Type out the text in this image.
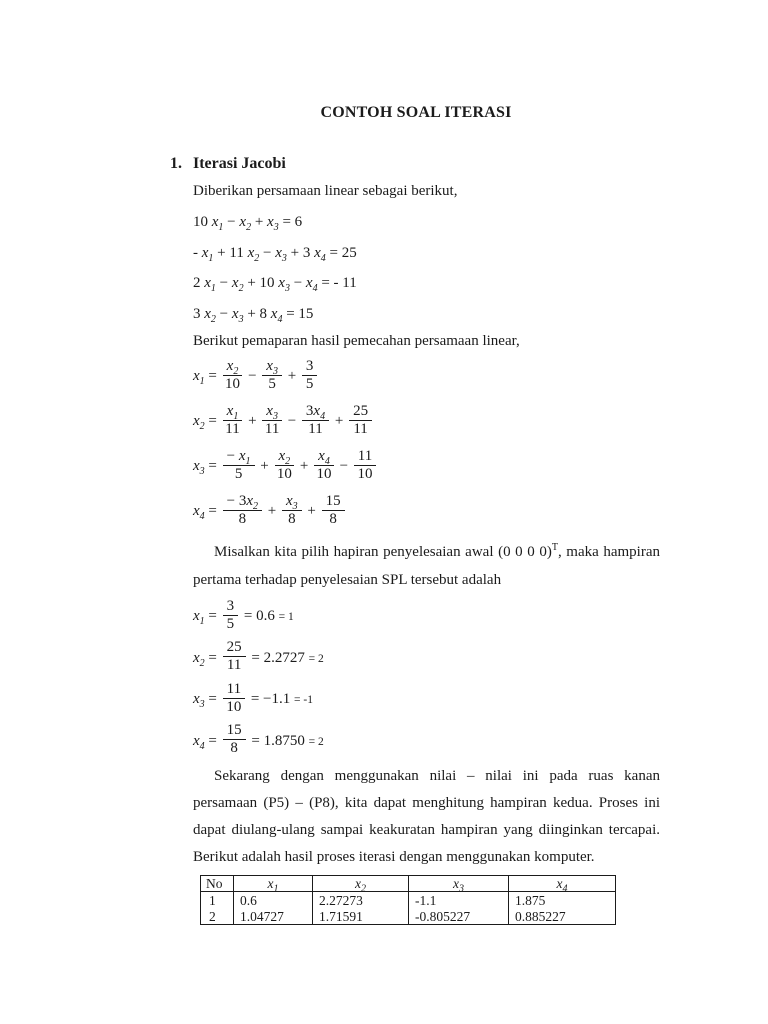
CONTOH SOAL ITERASI
1. Iterasi Jacobi

Diberikan persamaan linear sebagai berikut,

10 $x_1 - x_2 + x_3 = 6$
- $x_1 + 11$ $x_2 - x_3 + 3$ $x_4 = 25$
2 $x_1 - x_2 + 10$ $x_3 - x_4$ = - 11
3 $x_2 - x_3 + 8$ $x_4 = 15$

Berikut pemaparan hasil pemecahan persamaan linear,

$x_1 = \frac{x_2}{10} - \frac{x_3}{5} + \frac{3}{5}$
$x_2 = \frac{x_1}{11} + \frac{x_3}{11} - \frac{3x_4}{11} + \frac{25}{11}$
$x_3 = \frac{- x_1}{5} + \frac{x_2}{10} + \frac{x_4}{10} - \frac{11}{10}$
$x_4 = \frac{- 3x_2}{8} + \frac{x_3}{8} + \frac{15}{8}$

Misalkan kita pilih hapiran penyelesaian awal (0 0 0 0)$^T$, maka hampiran pertama terhadap penyelesaian SPL tersebut adalah

$x_1 = \frac{3}{5} = 0.6 = 1$
$x_2 = \frac{25}{11} = 2.2727 = 2$
$x_3 = \frac{11}{10} = -1.1 = -1$
$x_4 = \frac{15}{8} = 1.8750 = 2$

Sekarang dengan menggunakan nilai – nilai ini pada ruas kanan persamaan (P5) – (P8), kita dapat menghitung hampiran kedua. Proses ini dapat diulang-ulang sampai keakuratan hampiran yang diinginkan tercapai. Berikut adalah hasil proses iterasi dengan menggunakan komputer.

No	$x_1$	$x_2$	$x_3$	$x_4$
1	0.6	2.27273	-1.1	1.875
2	1.04727	1.71591	-0.805227	0.885227
